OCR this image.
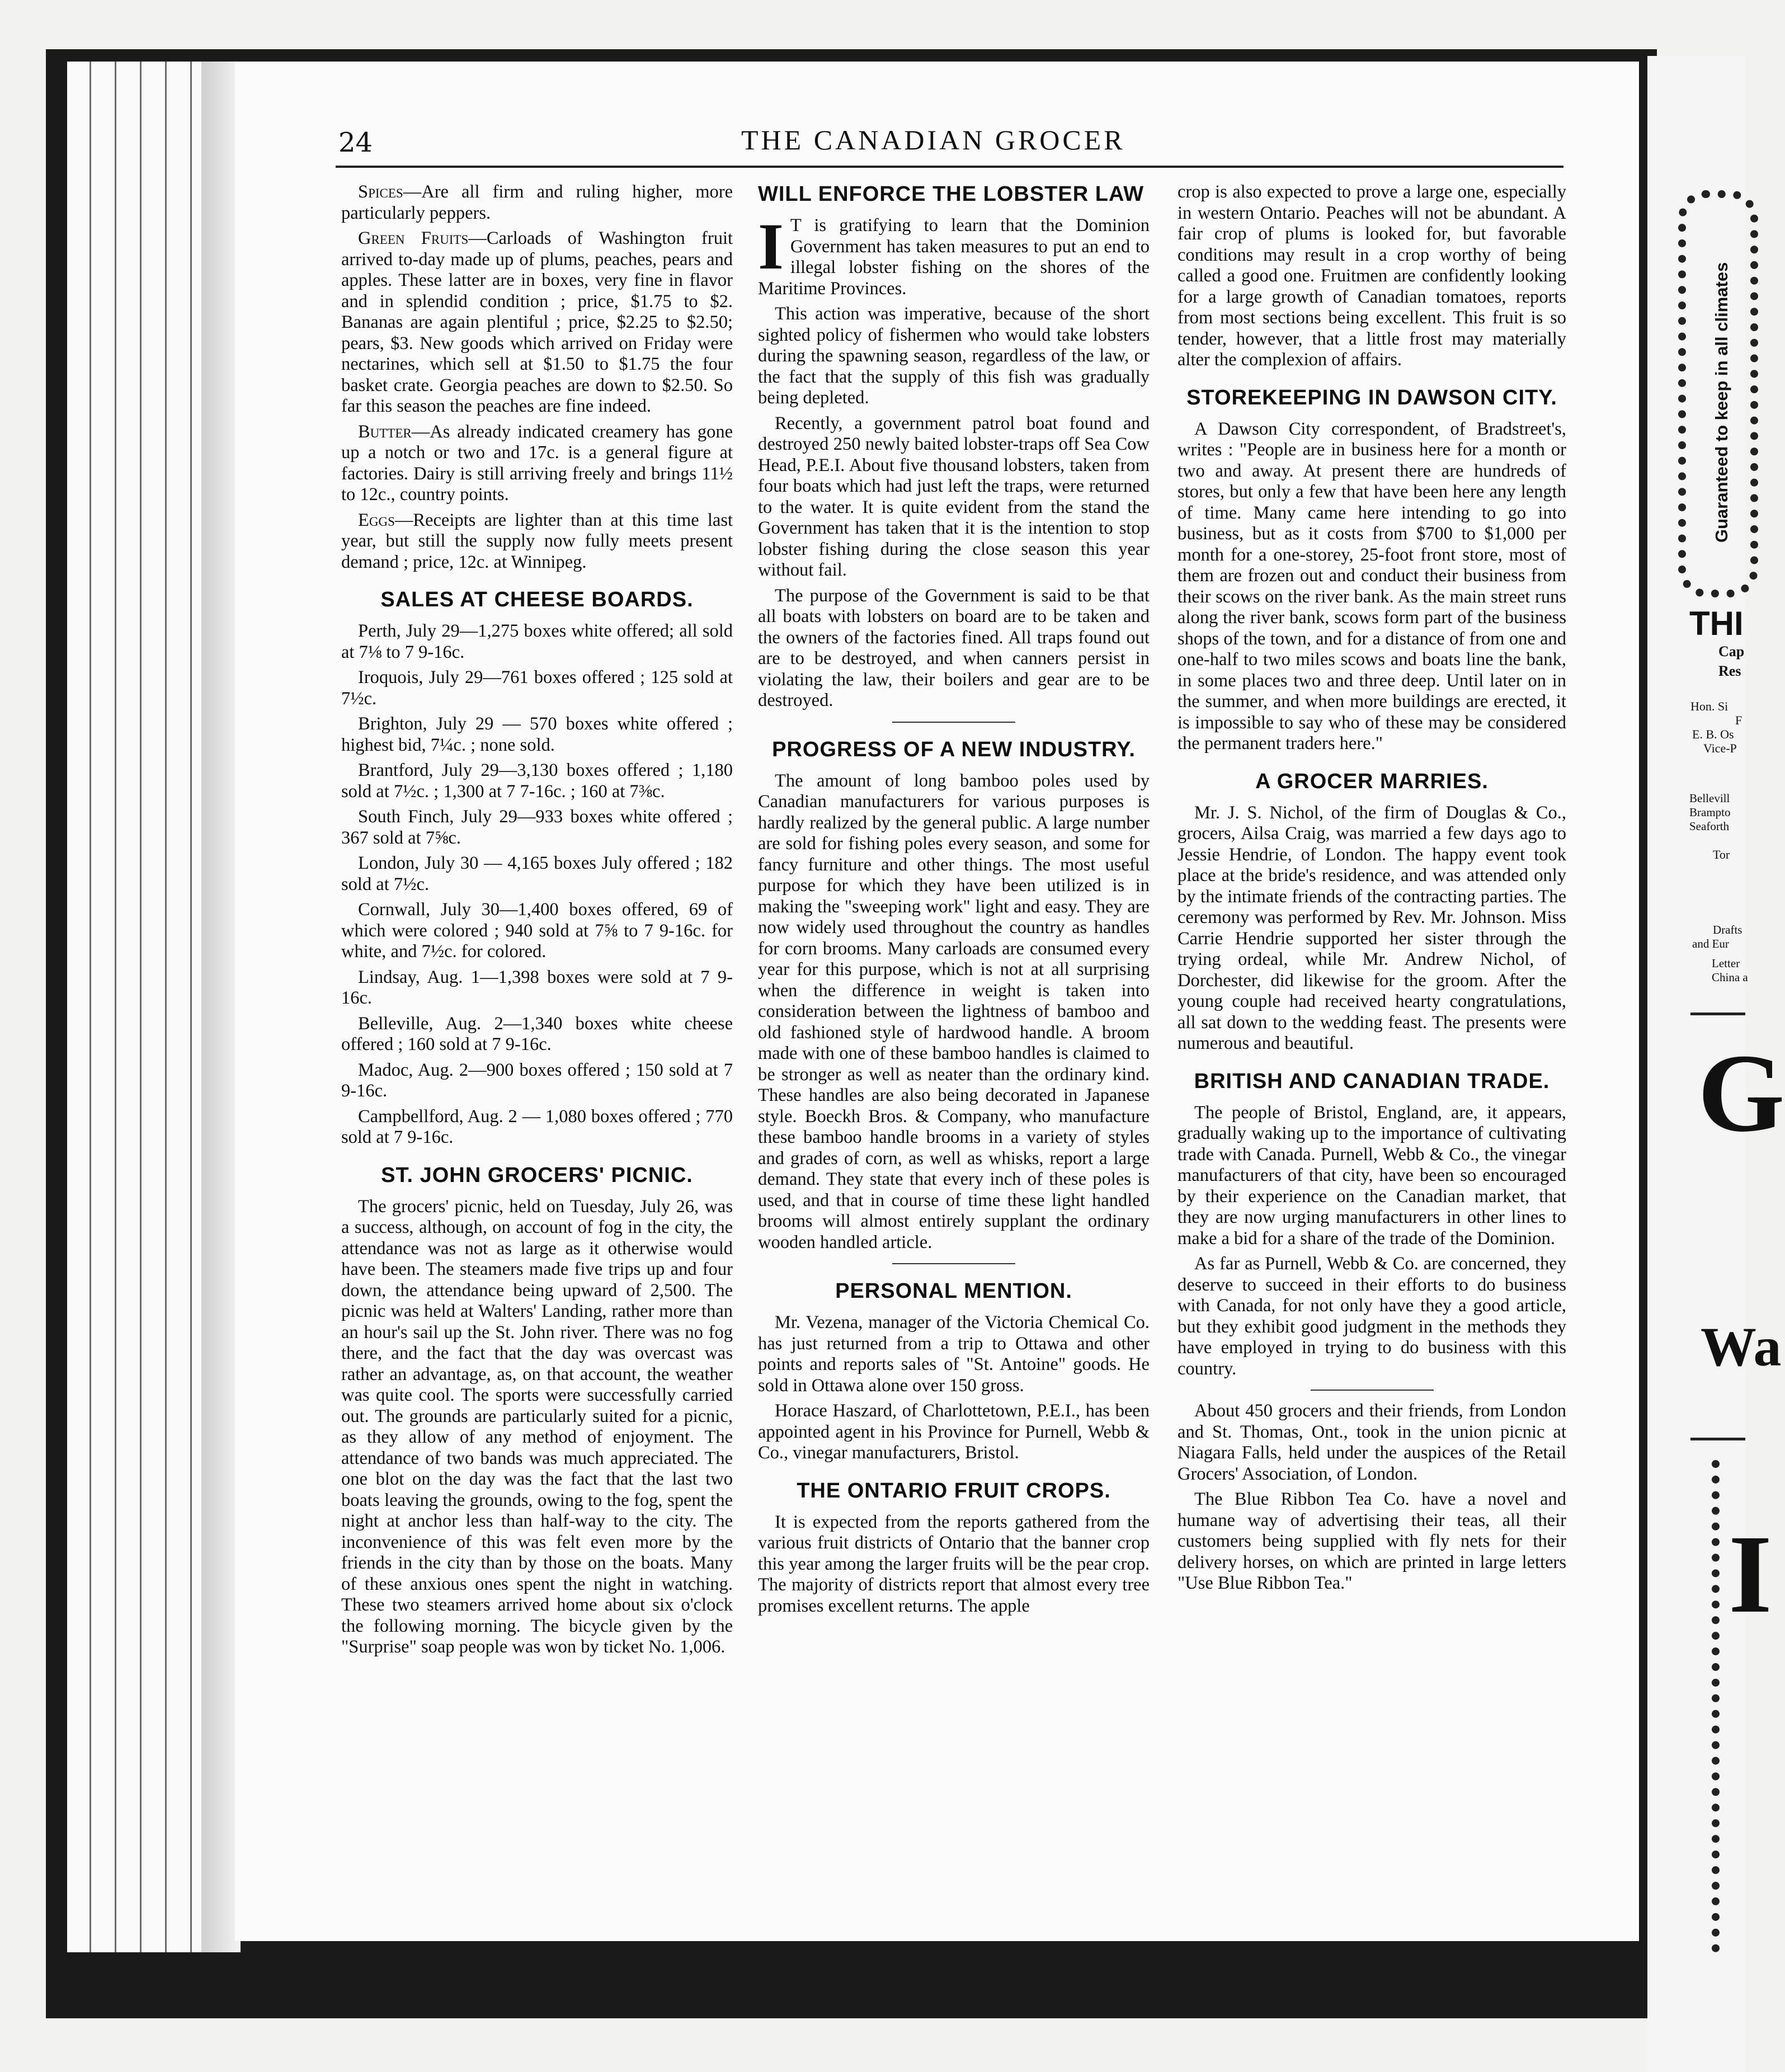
24	THE CANADIAN GROCER

Spices—Are all firm and ruling higher, more particularly peppers.

Green Fruits—Carloads of Washington fruit arrived to-day made up of plums, peaches, pears and apples. These latter are in boxes, very fine in flavor and in splendid condition ; price, $1.75 to $2. Bananas are again plentiful ; price, $2.25 to $2.50; pears, $3. New goods which arrived on Friday were nectarines, which sell at $1.50 to $1.75 the four basket crate. Georgia peaches are down to $2.50. So far this season the peaches are fine indeed.

Butter—As already indicated creamery has gone up a notch or two and 17c. is a general figure at factories. Dairy is still arriving freely and brings 11½ to 12c., country points.

Eggs—Receipts are lighter than at this time last year, but still the supply now fully meets present demand ; price, 12c. at Winnipeg.

SALES AT CHEESE BOARDS.

Perth, July 29—1,275 boxes white offered; all sold at 7⅛ to 7 9-16c.

Iroquois, July 29—761 boxes offered ; 125 sold at 7½c.

Brighton, July 29 — 570 boxes white offered ; highest bid, 7¼c. ; none sold.

Brantford, July 29—3,130 boxes offered ; 1,180 sold at 7½c. ; 1,300 at 7 7-16c. ; 160 at 7⅜c.

South Finch, July 29—933 boxes white offered ; 367 sold at 7⅝c.

London, July 30 — 4,165 boxes July offered ; 182 sold at 7½c.

Cornwall, July 30—1,400 boxes offered, 69 of which were colored ; 940 sold at 7⅝ to 7 9-16c. for white, and 7½c. for colored.

Lindsay, Aug. 1—1,398 boxes were sold at 7 9-16c.

Belleville, Aug. 2—1,340 boxes white cheese offered ; 160 sold at 7 9-16c.

Madoc, Aug. 2—900 boxes offered ; 150 sold at 7 9-16c.

Campbellford, Aug. 2 — 1,080 boxes offered ; 770 sold at 7 9-16c.

ST. JOHN GROCERS' PICNIC.

The grocers' picnic, held on Tuesday, July 26, was a success, although, on account of fog in the city, the attendance was not as large as it otherwise would have been. The steamers made five trips up and four down, the attendance being upward of 2,500. The picnic was held at Walters' Landing, rather more than an hour's sail up the St. John river. There was no fog there, and the fact that the day was overcast was rather an advantage, as, on that account, the weather was quite cool. The sports were successfully carried out. The grounds are particularly suited for a picnic, as they allow of any method of enjoyment. The attendance of two bands was much appreciated. The one blot on the day was the fact that the last two boats leaving the grounds, owing to the fog, spent the night at anchor less than half-way to the city. The inconvenience of this was felt even more by the friends in the city than by those on the boats. Many of these anxious ones spent the night in watching. These two steamers arrived home about six o'clock the following morning. The bicycle given by the "Surprise" soap people was won by ticket No. 1,006.

WILL ENFORCE THE LOBSTER LAW

I T is gratifying to learn that the Dominion Government has taken measures to put an end to illegal lobster fishing on the shores of the Maritime Provinces.

This action was imperative, because of the short sighted policy of fishermen who would take lobsters during the spawning season, regardless of the law, or the fact that the supply of this fish was gradually being depleted.

Recently, a government patrol boat found and destroyed 250 newly baited lobster-traps off Sea Cow Head, P.E.I. About five thousand lobsters, taken from four boats which had just left the traps, were returned to the water. It is quite evident from the stand the Government has taken that it is the intention to stop lobster fishing during the close season this year without fail.

The purpose of the Government is said to be that all boats with lobsters on board are to be taken and the owners of the factories fined. All traps found out are to be destroyed, and when canners persist in violating the law, their boilers and gear are to be destroyed.

PROGRESS OF A NEW INDUSTRY.

The amount of long bamboo poles used by Canadian manufacturers for various purposes is hardly realized by the general public. A large number are sold for fishing poles every season, and some for fancy furniture and other things. The most useful purpose for which they have been utilized is in making the "sweeping work" light and easy. They are now widely used throughout the country as handles for corn brooms. Many carloads are consumed every year for this purpose, which is not at all surprising when the difference in weight is taken into consideration between the lightness of bamboo and old fashioned style of hardwood handle. A broom made with one of these bamboo handles is claimed to be stronger as well as neater than the ordinary kind. These handles are also being decorated in Japanese style. Boeckh Bros. & Company, who manufacture these bamboo handle brooms in a variety of styles and grades of corn, as well as whisks, report a large demand. They state that every inch of these poles is used, and that in course of time these light handled brooms will almost entirely supplant the ordinary wooden handled article.

PERSONAL MENTION.

Mr. Vezena, manager of the Victoria Chemical Co. has just returned from a trip to Ottawa and other points and reports sales of "St. Antoine" goods. He sold in Ottawa alone over 150 gross.

Horace Haszard, of Charlottetown, P.E.I., has been appointed agent in his Province for Purnell, Webb & Co., vinegar manufacturers, Bristol.

THE ONTARIO FRUIT CROPS.

It is expected from the reports gathered from the various fruit districts of Ontario that the banner crop this year among the larger fruits will be the pear crop. The majority of districts report that almost every tree promises excellent returns. The apple

crop is also expected to prove a large one, especially in western Ontario. Peaches will not be abundant. A fair crop of plums is looked for, but favorable conditions may result in a crop worthy of being called a good one. Fruitmen are confidently looking for a large growth of Canadian tomatoes, reports from most sections being excellent. This fruit is so tender, however, that a little frost may materially alter the complexion of affairs.

STOREKEEPING IN DAWSON CITY.

A Dawson City correspondent, of Bradstreet's, writes : "People are in business here for a month or two and away. At present there are hundreds of stores, but only a few that have been here any length of time. Many came here intending to go into business, but as it costs from $700 to $1,000 per month for a one-storey, 25-foot front store, most of them are frozen out and conduct their business from their scows on the river bank. As the main street runs along the river bank, scows form part of the business shops of the town, and for a distance of from one and one-half to two miles scows and boats line the bank, in some places two and three deep. Until later on in the summer, and when more buildings are erected, it is impossible to say who of these may be considered the permanent traders here."

A GROCER MARRIES.

Mr. J. S. Nichol, of the firm of Douglas & Co., grocers, Ailsa Craig, was married a few days ago to Jessie Hendrie, of London. The happy event took place at the bride's residence, and was attended only by the intimate friends of the contracting parties. The ceremony was performed by Rev. Mr. Johnson. Miss Carrie Hendrie supported her sister through the trying ordeal, while Mr. Andrew Nichol, of Dorchester, did likewise for the groom. After the young couple had received hearty congratulations, all sat down to the wedding feast. The presents were numerous and beautiful.

BRITISH AND CANADIAN TRADE.

The people of Bristol, England, are, it appears, gradually waking up to the importance of cultivating trade with Canada. Purnell, Webb & Co., the vinegar manufacturers of that city, have been so encouraged by their experience on the Canadian market, that they are now urging manufacturers in other lines to make a bid for a share of the trade of the Dominion.

As far as Purnell, Webb & Co. are concerned, they deserve to succeed in their efforts to do business with Canada, for not only have they a good article, but they exhibit good judgment in the methods they have employed in trying to do business with this country.

About 450 grocers and their friends, from London and St. Thomas, Ont., took in the union picnic at Niagara Falls, held under the auspices of the Retail Grocers' Association, of London.

The Blue Ribbon Tea Co. have a novel and humane way of advertising their teas, all their customers being supplied with fly nets for their delivery horses, on which are printed in large letters "Use Blue Ribbon Tea."

Guaranteed to keep in all climates
THI
Cap
Res
Hon. Si
F
E. B. Os
Vice-P
Bellevill
Brampto
Seaforth
Tor
Drafts
and Eur
Letter
China a
G
Wa
I
